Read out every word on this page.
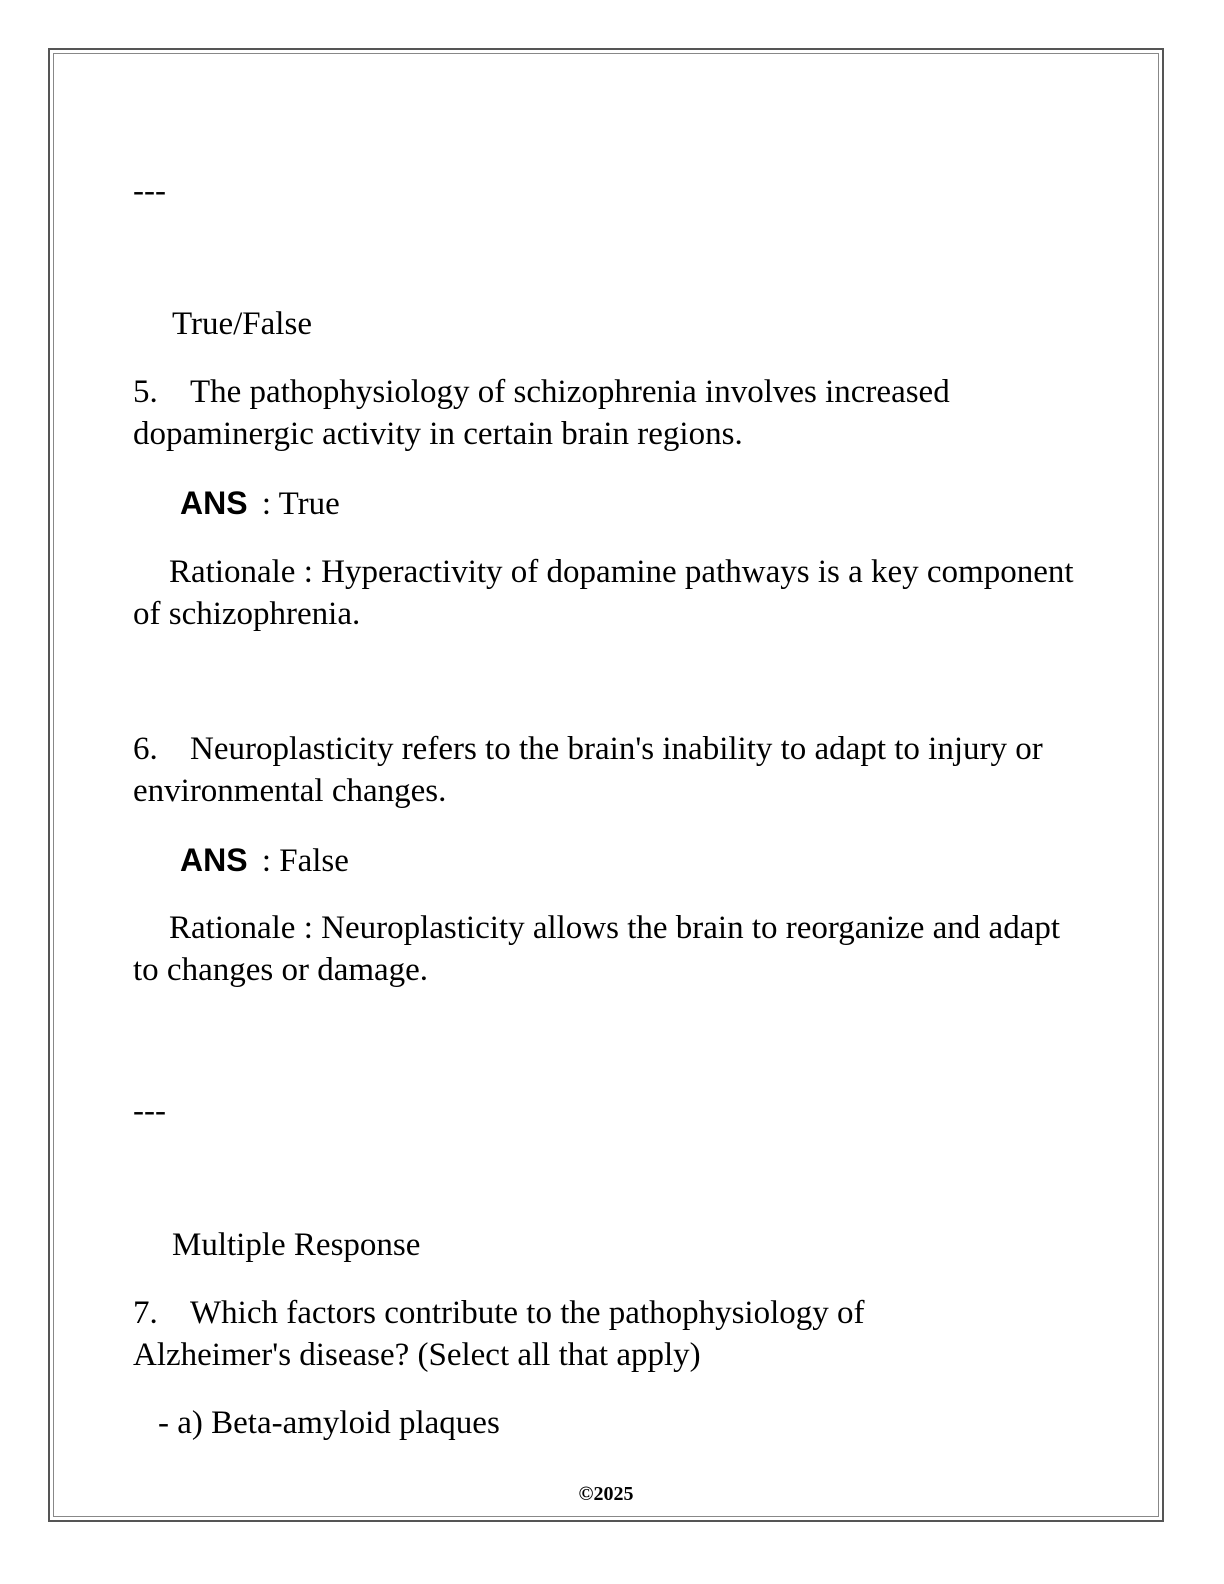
---
True/False
5. The pathophysiology of schizophrenia involves increased dopaminergic activity in certain brain regions.
ANS : True
Rationale : Hyperactivity of dopamine pathways is a key component of schizophrenia.
6. Neuroplasticity refers to the brain's inability to adapt to injury or environmental changes.
ANS : False
Rationale : Neuroplasticity allows the brain to reorganize and adapt to changes or damage.
---
Multiple Response
7. Which factors contribute to the pathophysiology of Alzheimer's disease? (Select all that apply)
- a) Beta-amyloid plaques
©2025
